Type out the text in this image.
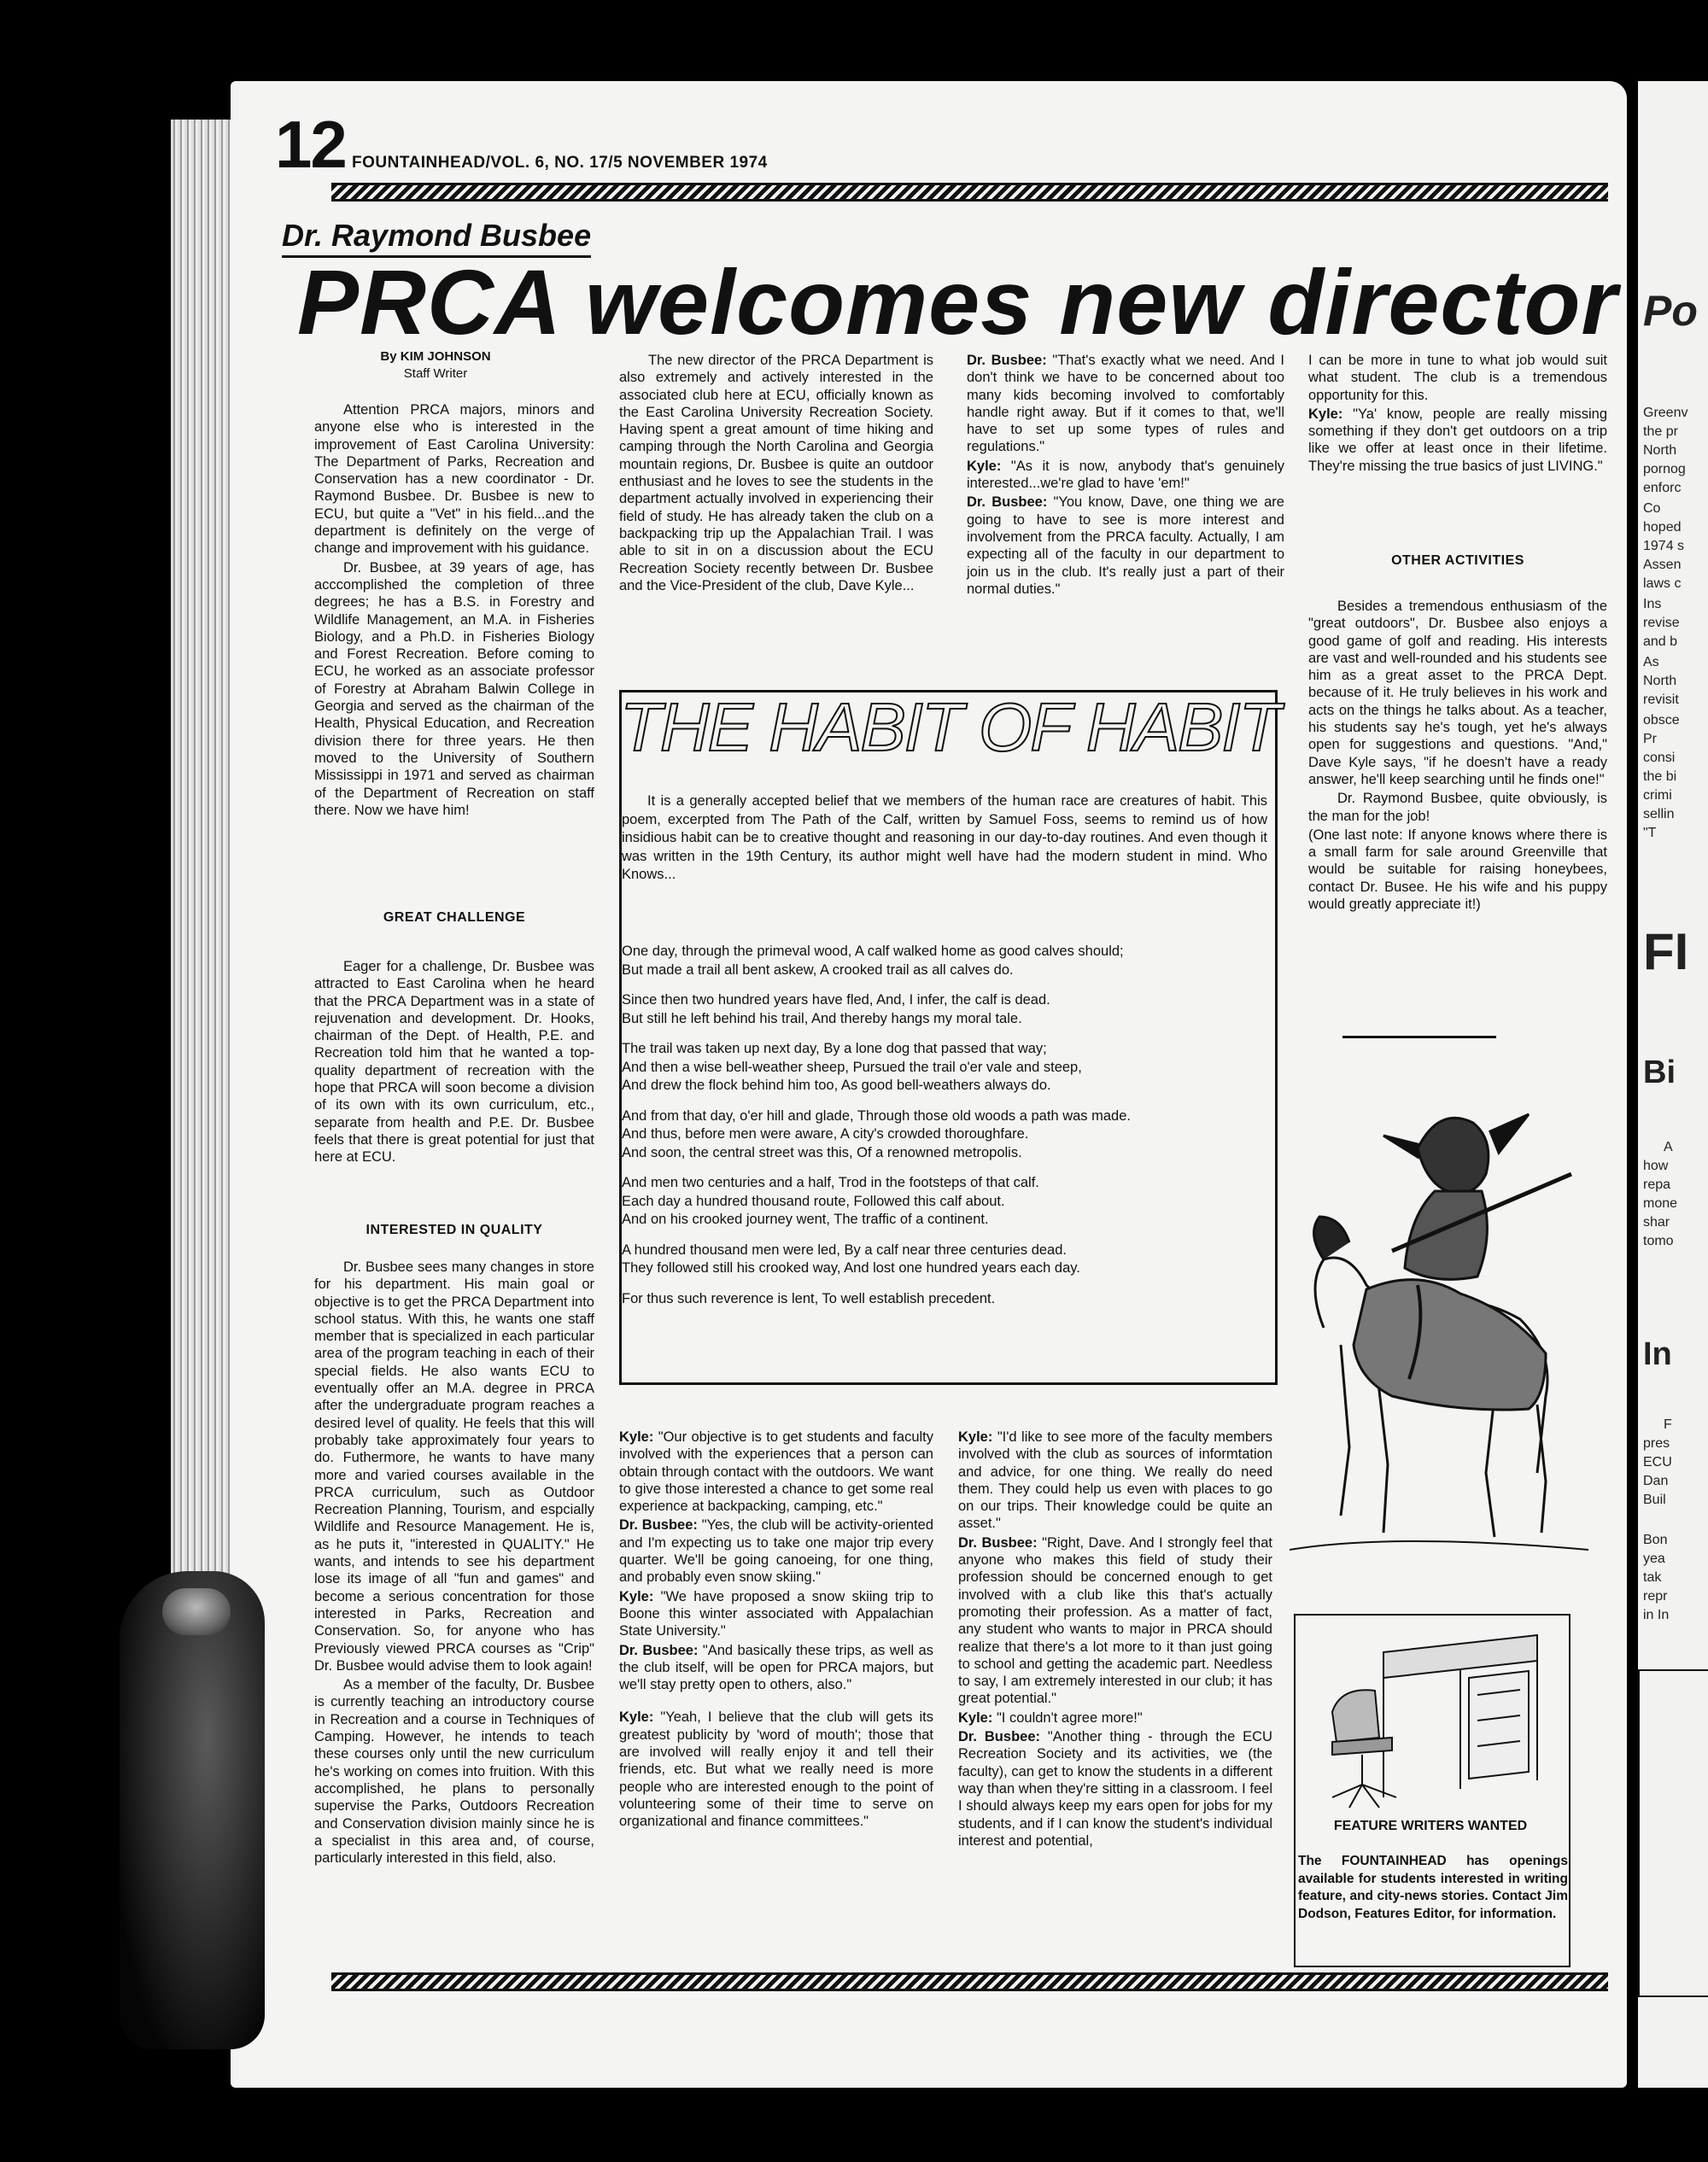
Po
Greenv
the pr
North
pornog
enforc
Co
hoped
1974 s
Assen
laws c
Ins
revise
and b
As
North
revisit
obsce
Pr
consi
the bi
crimi
sellin
"T
FI
Bi
A
how
repa
mone
shar
tomo
In
F
pres
ECU
Dan
Buil
Bon
yea
tak
repr
in In
12 FOUNTAINHEAD/VOL. 6, NO. 17/5 NOVEMBER 1974
Dr. Raymond Busbee
PRCA welcomes new director
By KIM JOHNSON
Staff Writer

Attention PRCA majors, minors and anyone else who is interested in the improvement of East Carolina University: The Department of Parks, Recreation and Conservation has a new coordinator - Dr. Raymond Busbee. Dr. Busbee is new to ECU, but quite a "Vet" in his field...and the department is definitely on the verge of change and improvement with his guidance.

Dr. Busbee, at 39 years of age, has acccomplished the completion of three degrees; he has a B.S. in Forestry and Wildlife Management, an M.A. in Fisheries Biology, and a Ph.D. in Fisheries Biology and Forest Recreation. Before coming to ECU, he worked as an associate professor of Forestry at Abraham Balwin College in Georgia and served as the chairman of the Health, Physical Education, and Recreation division there for three years. He then moved to the University of Southern Mississippi in 1971 and served as chairman of the Department of Recreation on staff there. Now we have him!

GREAT CHALLENGE

Eager for a challenge, Dr. Busbee was attracted to East Carolina when he heard that the PRCA Department was in a state of rejuvenation and development. Dr. Hooks, chairman of the Dept. of Health, P.E. and Recreation told him that he wanted a top-quality department of recreation with the hope that PRCA will soon become a division of its own with its own curriculum, etc., separate from health and P.E. Dr. Busbee feels that there is great potential for just that here at ECU.

INTERESTED IN QUALITY

Dr. Busbee sees many changes in store for his department. His main goal or objective is to get the PRCA Department into school status. With this, he wants one staff member that is specialized in each particular area of the program teaching in each of their special fields. He also wants ECU to eventually offer an M.A. degree in PRCA after the undergraduate program reaches a desired level of quality. He feels that this will probably take approximately four years to do. Futhermore, he wants to have many more and varied courses available in the PRCA curriculum, such as Outdoor Recreation Planning, Tourism, and espcially Wildlife and Resource Management. He is, as he puts it, "interested in QUALITY." He wants, and intends to see his department lose its image of all "fun and games" and become a serious concentration for those interested in Parks, Recreation and Conservation. So, for anyone who has Previously viewed PRCA courses as "Crip" Dr. Busbee would advise them to look again!

As a member of the faculty, Dr. Busbee is currently teaching an introductory course in Recreation and a course in Techniques of Camping. However, he intends to teach these courses only until the new curriculum he's working on comes into fruition. With this accomplished, he plans to personally supervise the Parks, Outdoors Recreation and Conservation division mainly since he is a specialist in this area and, of course, particularly interested in this field, also.

The new director of the PRCA Department is also extremely and actively interested in the associated club here at ECU, officially known as the East Carolina University Recreation Society. Having spent a great amount of time hiking and camping through the North Carolina and Georgia mountain regions, Dr. Busbee is quite an outdoor enthusiast and he loves to see the students in the department actually involved in experiencing their field of study. He has already taken the club on a backpacking trip up the Appalachian Trail. I was able to sit in on a discussion about the ECU Recreation Society recently between Dr. Busbee and the Vice-President of the club, Dave Kyle...

Dr. Busbee: "That's exactly what we need. And I don't think we have to be concerned about too many kids becoming involved to comfortably handle right away. But if it comes to that, we'll have to set up some types of rules and regulations."

Kyle: "As it is now, anybody that's genuinely interested...we're glad to have 'em!"

Dr. Busbee: "You know, Dave, one thing we are going to have to see is more interest and involvement from the PRCA faculty. Actually, I am expecting all of the faculty in our department to join us in the club. It's really just a part of their normal duties."

I can be more in tune to what job would suit what student. The club is a tremendous opportunity for this.

Kyle: "Ya' know, people are really missing something if they don't get outdoors on a trip like we offer at least once in their lifetime. They're missing the true basics of just LIVING."

OTHER ACTIVITIES

Besides a tremendous enthusiasm of the "great outdoors", Dr. Busbee also enjoys a good game of golf and reading. His interests are vast and well-rounded and his students see him as a great asset to the PRCA Dept. because of it. He truly believes in his work and acts on the things he talks about. As a teacher, his students say he's tough, yet he's always open for suggestions and questions. "And," Dave Kyle says, "if he doesn't have a ready answer, he'll keep searching until he finds one!"

Dr. Raymond Busbee, quite obviously, is the man for the job!

(One last note: If anyone knows where there is a small farm for sale around Greenville that would be suitable for raising honeybees, contact Dr. Busee. He his wife and his puppy would greatly appreciate it!)

THE HABIT OF HABIT
It is a generally accepted belief that we members of the human race are creatures of habit. This poem, excerpted from The Path of the Calf, written by Samuel Foss, seems to remind us of how insidious habit can be to creative thought and reasoning in our day-to-day routines. And even though it was written in the 19th Century, its author might well have had the modern student in mind. Who Knows...

One day, through the primeval wood, A calf walked home as good calves should;

But made a trail all bent askew, A crooked trail as all calves do.

Since then two hundred years have fled, And, I infer, the calf is dead.

But still he left behind his trail, And thereby hangs my moral tale.

The trail was taken up next day, By a lone dog that passed that way;

And then a wise bell-weather sheep, Pursued the trail o'er vale and steep,

And drew the flock behind him too, As good bell-weathers always do.

And from that day, o'er hill and glade, Through those old woods a path was made.

And thus, before men were aware, A city's crowded thoroughfare.

And soon, the central street was this, Of a renowned metropolis.

And men two centuries and a half, Trod in the footsteps of that calf.

Each day a hundred thousand route, Followed this calf about.

And on his crooked journey went, The traffic of a continent.

A hundred thousand men were led, By a calf near three centuries dead.

They followed still his crooked way, And lost one hundred years each day.

For thus such reverence is lent, To well establish precedent.

Kyle: "Our objective is to get students and faculty involved with the experiences that a person can obtain through contact with the outdoors. We want to give those interested a chance to get some real experience at backpacking, camping, etc."

Dr. Busbee: "Yes, the club will be activity-oriented and I'm expecting us to take one major trip every quarter. We'll be going canoeing, for one thing, and probably even snow skiing."

Kyle: "We have proposed a snow skiing trip to Boone this winter associated with Appalachian State University."

Dr. Busbee: "And basically these trips, as well as the club itself, will be open for PRCA majors, but we'll stay pretty open to others, also."

Kyle: "Yeah, I believe that the club will gets its greatest publicity by 'word of mouth'; those that are involved will really enjoy it and tell their friends, etc. But what we really need is more people who are interested enough to the point of volunteering some of their time to serve on organizational and finance committees."

Kyle: "I'd like to see more of the faculty members involved with the club as sources of informtation and advice, for one thing. We really do need them. They could help us even with places to go on our trips. Their knowledge could be quite an asset."

Dr. Busbee: "Right, Dave. And I strongly feel that anyone who makes this field of study their profession should be concerned enough to get involved with a club like this that's actually promoting their profession. As a matter of fact, any student who wants to major in PRCA should realize that there's a lot more to it than just going to school and getting the academic part. Needless to say, I am extremely interested in our club; it has great potential."

Kyle: "I couldn't agree more!"

Dr. Busbee: "Another thing - through the ECU Recreation Society and its activities, we (the faculty), can get to know the students in a different way than when they're sitting in a classroom. I feel I should always keep my ears open for jobs for my students, and if I can know the student's individual interest and potential,

FEATURE WRITERS WANTED
The FOUNTAINHEAD has openings available for students interested in writing feature, and city-news stories. Contact Jim Dodson, Features Editor, for information.
